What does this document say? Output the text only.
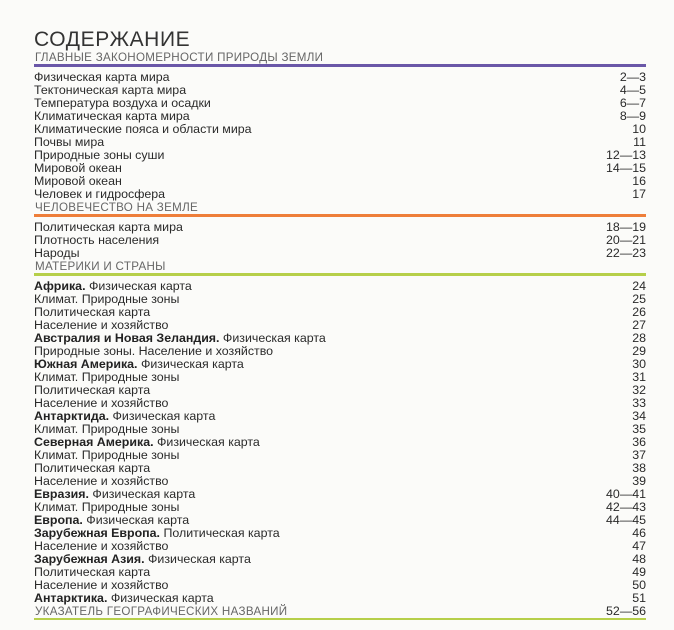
СОДЕРЖАНИЕ
ГЛАВНЫЕ ЗАКОНОМЕРНОСТИ ПРИРОДЫ ЗЕМЛИ
Физическая карта мира	2—3
Тектоническая карта мира	4—5
Температура воздуха и осадки	6—7
Климатическая карта мира	8—9
Климатические пояса и области мира	10
Почвы мира	11
Природные зоны суши	12—13
Мировой океан	14—15
Мировой океан	16
Человек и гидросфера	17
ЧЕЛОВЕЧЕСТВО НА ЗЕМЛЕ
Политическая карта мира	18—19
Плотность населения	20—21
Народы	22—23
МАТЕРИКИ И СТРАНЫ
Африка. Физическая карта	24
Климат. Природные зоны	25
Политическая карта	26
Население и хозяйство	27
Австралия и Новая Зеландия. Физическая карта	28
Природные зоны. Население и хозяйство	29
Южная Америка. Физическая карта	30
Климат. Природные зоны	31
Политическая карта	32
Население и хозяйство	33
Антарктида. Физическая карта	34
Климат. Природные зоны	35
Северная Америка. Физическая карта	36
Климат. Природные зоны	37
Политическая карта	38
Население и хозяйство	39
Евразия. Физическая карта	40—41
Климат. Природные зоны	42—43
Европа. Физическая карта	44—45
Зарубежная Европа. Политическая карта	46
Население и хозяйство	47
Зарубежная Азия. Физическая карта	48
Политическая карта	49
Население и хозяйство	50
Антарктика. Физическая карта	51
УКАЗАТЕЛЬ ГЕОГРАФИЧЕСКИХ НАЗВАНИЙ	52—56
